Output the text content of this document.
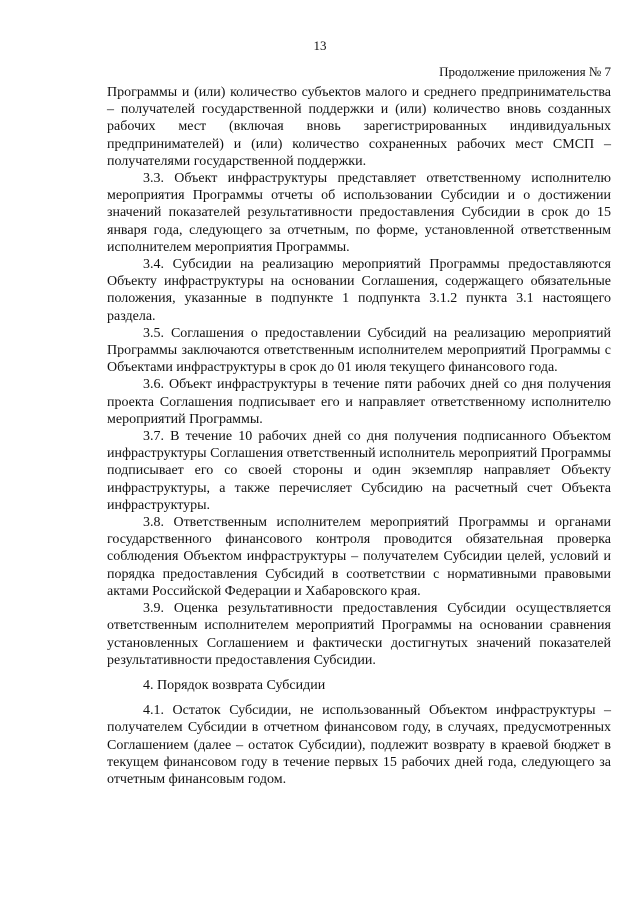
13
Продолжение приложения № 7

Программы и (или) количество субъектов малого и среднего предпринимательства – получателей государственной поддержки и (или) количество вновь созданных рабочих мест (включая вновь зарегистрированных индивидуальных предпринимателей) и (или) количество сохраненных рабочих мест СМСП – получателями государственной поддержки.

3.3. Объект инфраструктуры представляет ответственному исполнителю мероприятия Программы отчеты об использовании Субсидии и о достижении значений показателей результативности предоставления Субсидии в срок до 15 января года, следующего за отчетным, по форме, установленной ответственным исполнителем мероприятия Программы.

3.4. Субсидии на реализацию мероприятий Программы предоставляются Объекту инфраструктуры на основании Соглашения, содержащего обязательные положения, указанные в подпункте 1 подпункта 3.1.2 пункта 3.1 настоящего раздела.

3.5. Соглашения о предоставлении Субсидий на реализацию мероприятий Программы заключаются ответственным исполнителем мероприятий Программы с Объектами инфраструктуры в срок до 01 июля текущего финансового года.

3.6. Объект инфраструктуры в течение пяти рабочих дней со дня получения проекта Соглашения подписывает его и направляет ответственному исполнителю мероприятий Программы.

3.7. В течение 10 рабочих дней со дня получения подписанного Объектом инфраструктуры Соглашения ответственный исполнитель мероприятий Программы подписывает его со своей стороны и один экземпляр направляет Объекту инфраструктуры, а также перечисляет Субсидию на расчетный счет Объекта инфраструктуры.

3.8. Ответственным исполнителем мероприятий Программы и органами государственного финансового контроля проводится обязательная проверка соблюдения Объектом инфраструктуры – получателем Субсидии целей, условий и порядка предоставления Субсидий в соответствии с нормативными правовыми актами Российской Федерации и Хабаровского края.

3.9. Оценка результативности предоставления Субсидии осуществляется ответственным исполнителем мероприятий Программы на основании сравнения установленных Соглашением и фактически достигнутых значений показателей результативности предоставления Субсидии.

4. Порядок возврата Субсидии

4.1. Остаток Субсидии, не использованный Объектом инфраструктуры – получателем Субсидии в отчетном финансовом году, в случаях, предусмотренных Соглашением (далее – остаток Субсидии), подлежит возврату в краевой бюджет в текущем финансовом году в течение первых 15 рабочих дней года, следующего за отчетным финансовым годом.
